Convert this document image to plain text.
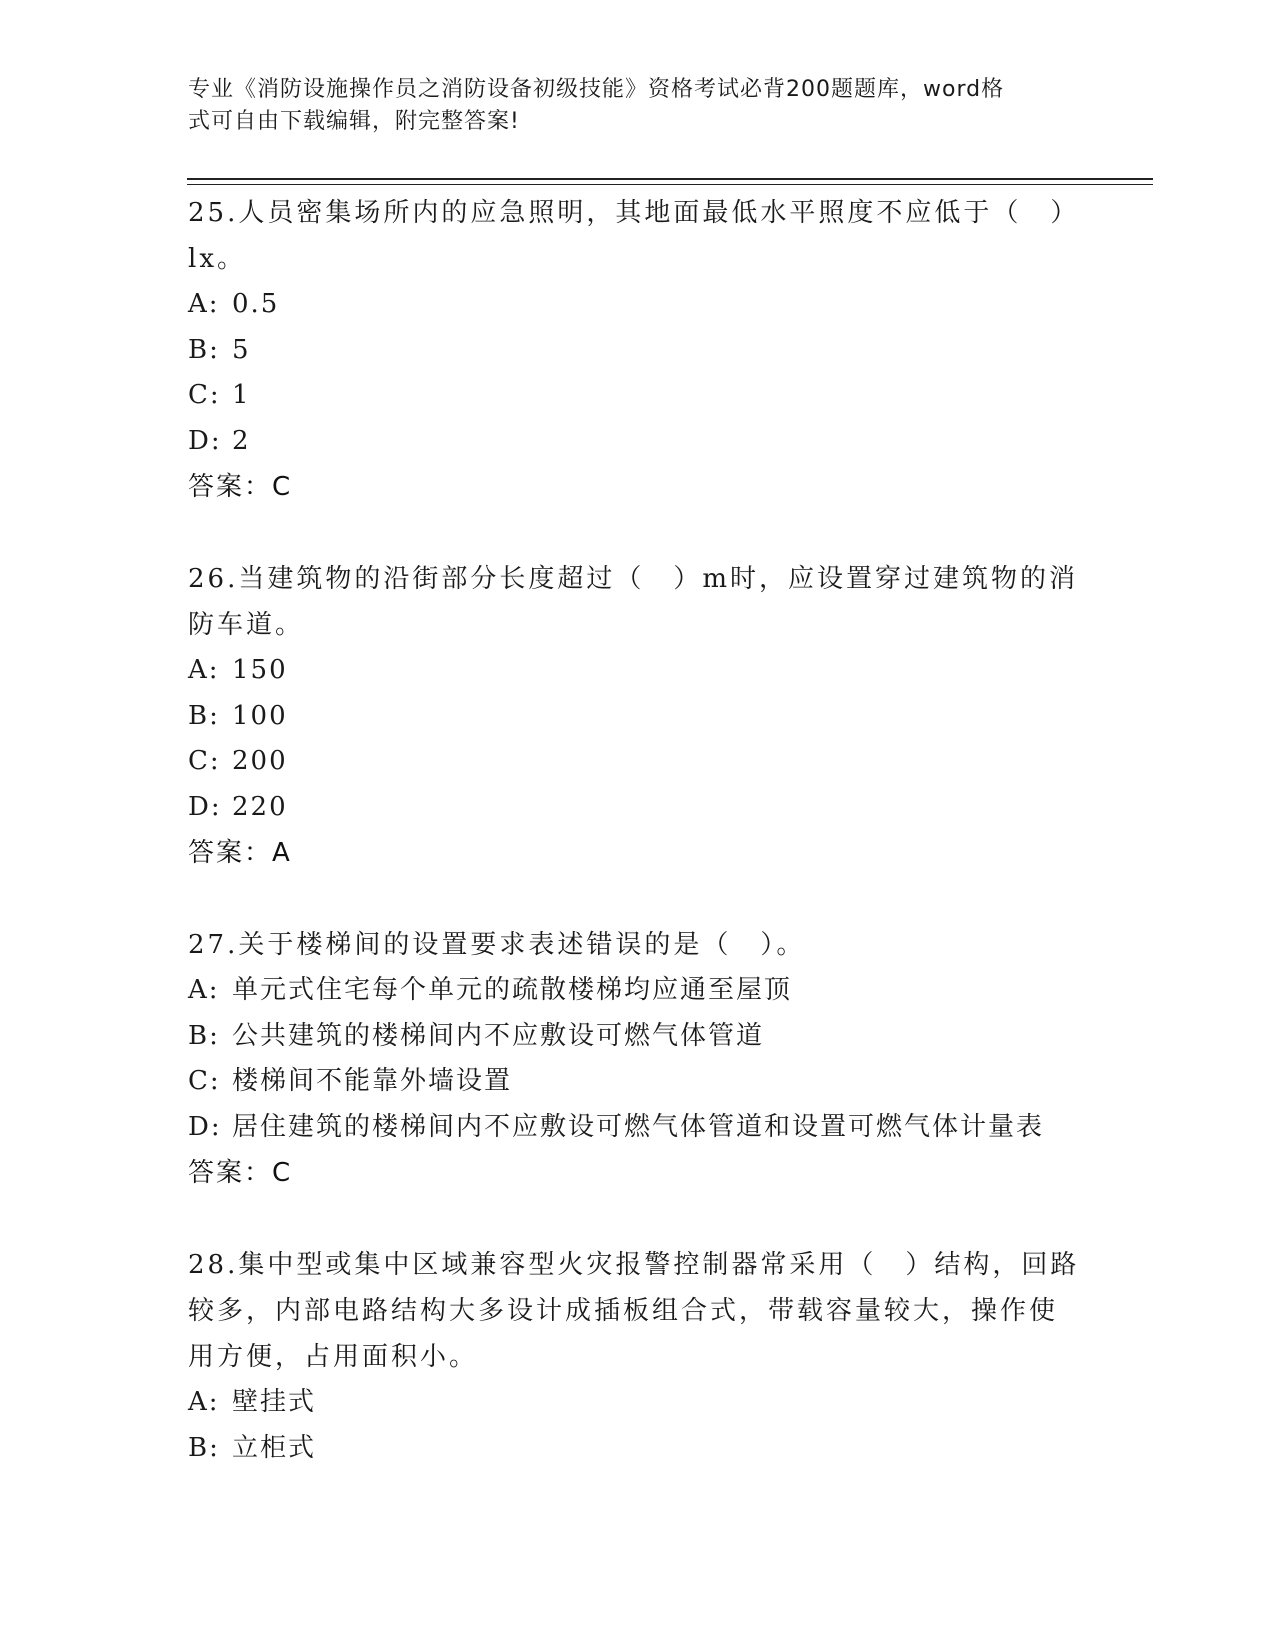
专业《消防设施操作员之消防设备初级技能》资格考试必背200题题库，word格
式可自由下载编辑，附完整答案!
25.人员密集场所内的应急照明，其地面最低水平照度不应低于（　）
lx。
A: 0.5
B: 5
C: 1
D: 2
答案：C
26.当建筑物的沿街部分长度超过（　）m时，应设置穿过建筑物的消
防车道。
A: 150
B: 100
C: 200
D: 220
答案：A
27.关于楼梯间的设置要求表述错误的是（　）。
A: 单元式住宅每个单元的疏散楼梯均应通至屋顶
B: 公共建筑的楼梯间内不应敷设可燃气体管道
C: 楼梯间不能靠外墙设置
D: 居住建筑的楼梯间内不应敷设可燃气体管道和设置可燃气体计量表
答案：C
28.集中型或集中区域兼容型火灾报警控制器常采用（　）结构，回路
较多，内部电路结构大多设计成插板组合式，带载容量较大，操作使
用方便，占用面积小。
A: 壁挂式
B: 立柜式
